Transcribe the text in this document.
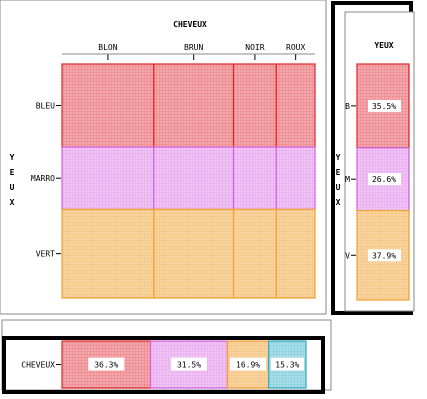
CHEVEUX
Y
E
U
X
BLON	BRUN	NOIR	ROUX
BLEU
MARRO
VERT
YEUX
Y
E
U
X
35.5%
B
26.6%
M
37.9%
V
36.3%	31.5%	16.9% 15.3%
CHEVEUX
